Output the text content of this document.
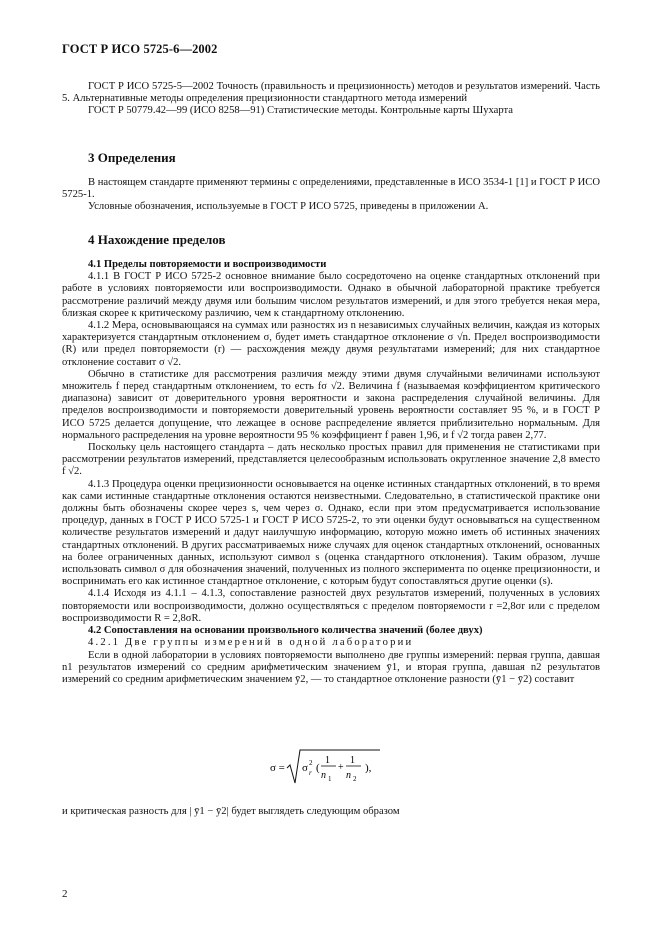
ГОСТ Р ИСО 5725-6—2002

ГОСТ Р ИСО 5725-5—2002 Точность (правильность и прецизионность) методов и результатов измерений. Часть 5. Альтернативные методы определения прецизионности стандартного метода измерений

ГОСТ Р 50779.42—99 (ИСО 8258—91) Статистические методы. Контрольные карты Шухарта

3 Определения

В настоящем стандарте применяют термины с определениями, представленные в ИСО 3534-1 [1] и ГОСТ Р ИСО 5725-1.

Условные обозначения, используемые в ГОСТ Р ИСО 5725, приведены в приложении А.

4 Нахождение пределов

4.1 Пределы повторяемости и воспроизводимости

4.1.1 В ГОСТ Р ИСО 5725-2 основное внимание было сосредоточено на оценке стандартных отклонений при работе в условиях повторяемости или воспроизводимости. Однако в обычной лабораторной практике требуется рассмотрение различий между двумя или большим числом результатов измерений, и для этого требуется некая мера, близкая скорее к критическому различию, чем к стандартному отклонению.

4.1.2 Мера, основывающаяся на суммах или разностях из n независимых случайных величин, каждая из которых характеризуется стандартным отклонением σ, будет иметь стандартное отклонение σ √n. Предел воспроизводимости (R) или предел повторяемости (r) — расхождения между двумя результатами измерений; для них стандартное отклонение составит σ √2.

Обычно в статистике для рассмотрения различия между этими двумя случайными величинами используют множитель f перед стандартным отклонением, то есть fσ √2. Величина f (называемая коэффициентом критического диапазона) зависит от доверительного уровня вероятности и закона распределения случайной величины. Для пределов воспроизводимости и повторяемости доверительный уровень вероятности составляет 95 %, и в ГОСТ Р ИСО 5725 делается допущение, что лежащее в основе распределение является приблизительно нормальным. Для нормального распределения на уровне вероятности 95 % коэффициент f равен 1,96, и f √2 тогда равен 2,77.

Поскольку цель настоящего стандарта – дать несколько простых правил для применения не статистиками при рассмотрении результатов измерений, представляется целесообразным использовать округленное значение 2,8 вместо f √2.

4.1.3 Процедура оценки прецизионности основывается на оценке истинных стандартных отклонений, в то время как сами истинные стандартные отклонения остаются неизвестными. Следовательно, в статистической практике они должны быть обозначены скорее через s, чем через σ. Однако, если при этом предусматривается использование процедур, данных в ГОСТ Р ИСО 5725-1 и ГОСТ Р ИСО 5725-2, то эти оценки будут основываться на существенном количестве результатов измерений и дадут наилучшую информацию, которую можно иметь об истинных значениях стандартных отклонений. В других рассматриваемых ниже случаях для оценок стандартных отклонений, основанных на более ограниченных данных, используют символ s (оценка стандартного отклонения). Таким образом, лучше использовать символ σ для обозначения значений, полученных из полного эксперимента по оценке прецизионности, и воспринимать его как истинное стандартное отклонение, с которым будут сопоставляться другие оценки (s).

4.1.4 Исходя из 4.1.1 – 4.1.3, сопоставление разностей двух результатов измерений, полученных в условиях повторяемости или воспроизводимости, должно осуществляться с пределом повторяемости r =2,8σr или с пределом воспроизводимости R = 2,8σR.

4.2 Сопоставления на основании произвольного количества значений (более двух)

4.2.1 Две группы измерений в одной лаборатории

Если в одной лаборатории в условиях повторяемости выполнено две группы измерений: первая группа, давшая n1 результатов измерений со средним арифметическим значением ȳ1, и вторая группа, давшая n2 результатов измерений со средним арифметическим значением ȳ2, — то стандартное отклонение разности (ȳ1 − ȳ2) составит

σ = σ 2
r (
1
n 1
+
1
n 2
),

и критическая разность для | ȳ1 − ȳ2| будет выглядеть следующим образом

2
